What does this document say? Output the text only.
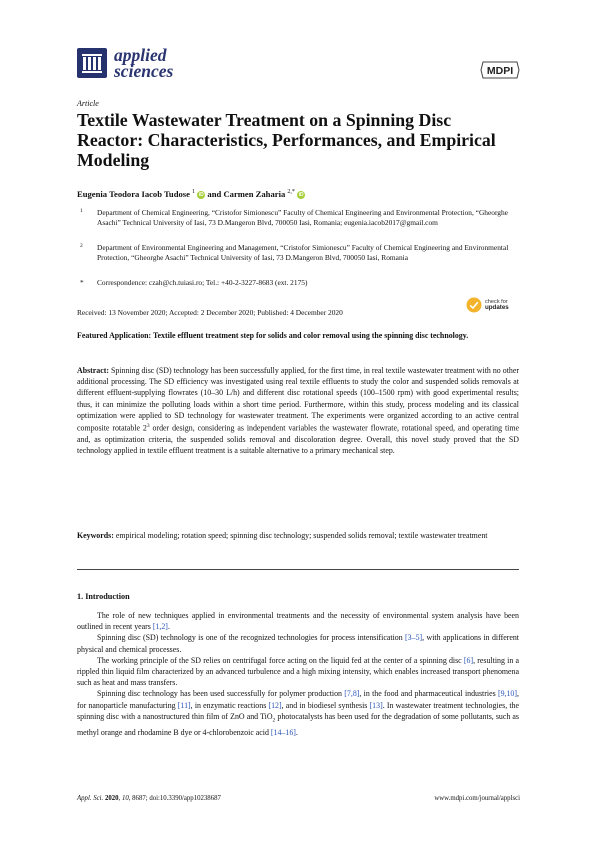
applied
sciences	MDPI
Article
Textile Wastewater Treatment on a Spinning Disc Reactor: Characteristics, Performances, and Empirical Modeling
Eugenia Teodora Iacob Tudose $^1$ iD and Carmen Zaharia $^{2,*}$ iD
1 Department of Chemical Engineering, “Cristofor Simionescu” Faculty of Chemical Engineering and Environmental Protection, “Gheorghe Asachi” Technical University of Iasi, 73 D.Mangeron Blvd, 700050 Iasi, Romania; eugenia.iacob2017@gmail.com
2 Department of Environmental Engineering and Management, “Cristofor Simionescu” Faculty of Chemical Engineering and Environmental Protection, “Gheorghe Asachi” Technical University of Iasi, 73 D.Mangeron Blvd, 700050 Iasi, Romania
* Correspondence: czah@ch.tuiasi.ro; Tel.: +40-2-3227-8683 (ext. 2175)
Received: 13 November 2020; Accepted: 2 December 2020; Published: 4 December 2020
check for
updates

Featured Application: Textile effluent treatment step for solids and color removal using the spinning disc technology.

Abstract: Spinning disc (SD) technology has been successfully applied, for the first time, in real textile wastewater treatment with no other additional processing. The SD efficiency was investigated using real textile effluents to study the color and suspended solids removals at different effluent-supplying flowrates (10–30 L/h) and different disc rotational speeds (100–1500 rpm) with good experimental results; thus, it can minimize the polluting loads within a short time period. Furthermore, within this study, process modeling and its classical optimization were applied to SD technology for wastewater treatment. The experiments were organized according to an active central composite rotatable $2^3$ order design, considering as independent variables the wastewater flowrate, rotational speed, and operating time and, as optimization criteria, the suspended solids removal and discoloration degree. Overall, this novel study proved that the SD technology applied in textile effluent treatment is a suitable alternative to a primary mechanical step.

Keywords: empirical modeling; rotation speed; spinning disc technology; suspended solids removal; textile wastewater treatment

1. Introduction

The role of new techniques applied in environmental treatments and the necessity of environmental system analysis have been outlined in recent years [1,2].

Spinning disc (SD) technology is one of the recognized technologies for process intensification [3–5], with applications in different physical and chemical processes.

The working principle of the SD relies on centrifugal force acting on the liquid fed at the center of a spinning disc [6], resulting in a rippled thin liquid film characterized by an advanced turbulence and a high mixing intensity, which enables increased transport phenomena such as heat and mass transfers.

Spinning disc technology has been used successfully for polymer production [7,8], in the food and pharmaceutical industries [9,10], for nanoparticle manufacturing [11], in enzymatic reactions [12], and in biodiesel synthesis [13]. In wastewater treatment technologies, the spinning disc with a nanostructured thin film of ZnO and TiO$_2$ photocatalysts has been used for the degradation of some pollutants, such as methyl orange and rhodamine B dye or 4-chlorobenzoic acid [14–16].

Appl. Sci. 2020, 10, 8687; doi:10.3390/app10238687	www.mdpi.com/journal/applsci
